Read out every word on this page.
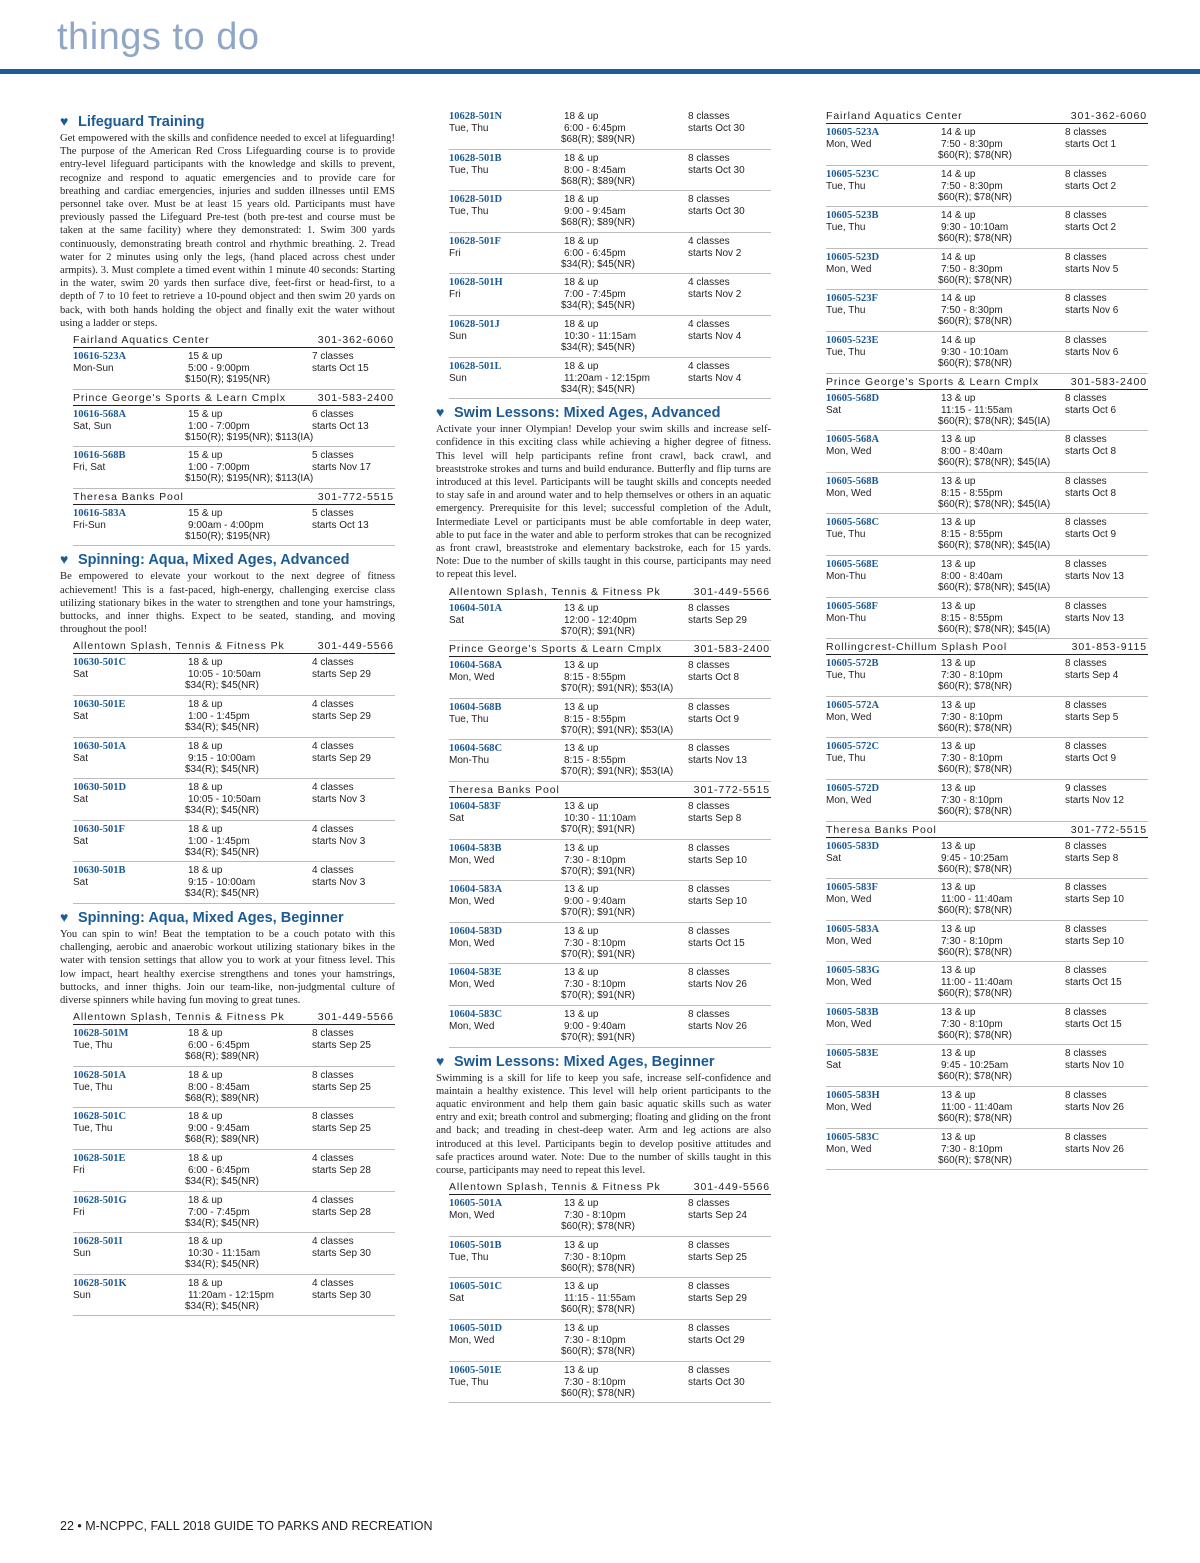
things to do
♥ Lifeguard Training
Get empowered with the skills and confidence needed to excel at lifeguarding! The purpose of the American Red Cross Lifeguarding course is to provide entry-level lifeguard participants with the knowledge and skills to prevent, recognize and respond to aquatic emergencies and to provide care for breathing and cardiac emergencies, injuries and sudden illnesses until EMS personnel take over. Must be at least 15 years old. Participants must have previously passed the Lifeguard Pre-test (both pre-test and course must be taken at the same facility) where they demonstrated: 1. Swim 300 yards continuously, demonstrating breath control and rhythmic breathing. 2. Tread water for 2 minutes using only the legs, (hand placed across chest under armpits). 3. Must complete a timed event within 1 minute 40 seconds: Starting in the water, swim 20 yards then surface dive, feet-first or head-first, to a depth of 7 to 10 feet to retrieve a 10-pound object and then swim 20 yards on back, with both hands holding the object and finally exit the water without using a ladder or steps.
Fairland Aquatics Center	301-362-6060
10616-523A
Mon-Sun
15 & up
5:00 - 9:00pm
$150(R); $195(NR)
7 classes
starts Oct 15
Prince George's Sports & Learn Cmplx	301-583-2400
10616-568A
Sat, Sun
15 & up
1:00 - 7:00pm
$150(R); $195(NR); $113(IA)
6 classes
starts Oct 13
10616-568B
Fri, Sat
15 & up
1:00 - 7:00pm
$150(R); $195(NR); $113(IA)
5 classes
starts Nov 17
Theresa Banks Pool	301-772-5515
10616-583A
Fri-Sun
15 & up
9:00am - 4:00pm
$150(R); $195(NR)
5 classes
starts Oct 13
♥ Spinning: Aqua, Mixed Ages, Advanced
Be empowered to elevate your workout to the next degree of fitness achievement! This is a fast-paced, high-energy, challenging exercise class utilizing stationary bikes in the water to strengthen and tone your hamstrings, buttocks, and inner thighs. Expect to be seated, standing, and moving throughout the pool!
Allentown Splash, Tennis & Fitness Pk	301-449-5566
10630-501C
Sat
18 & up
10:05 - 10:50am
$34(R); $45(NR)
4 classes
starts Sep 29
10630-501E
Sat
18 & up
1:00 - 1:45pm
$34(R); $45(NR)
4 classes
starts Sep 29
10630-501A
Sat
18 & up
9:15 - 10:00am
$34(R); $45(NR)
4 classes
starts Sep 29
10630-501D
Sat
18 & up
10:05 - 10:50am
$34(R); $45(NR)
4 classes
starts Nov 3
10630-501F
Sat
18 & up
1:00 - 1:45pm
$34(R); $45(NR)
4 classes
starts Nov 3
10630-501B
Sat
18 & up
9:15 - 10:00am
$34(R); $45(NR)
4 classes
starts Nov 3
♥ Spinning: Aqua, Mixed Ages, Beginner
You can spin to win! Beat the temptation to be a couch potato with this challenging, aerobic and anaerobic workout utilizing stationary bikes in the water with tension settings that allow you to work at your fitness level. This low impact, heart healthy exercise strengthens and tones your hamstrings, buttocks, and inner thighs. Join our team-like, non-judgmental culture of diverse spinners while having fun moving to great tunes.
Allentown Splash, Tennis & Fitness Pk	301-449-5566
10628-501M
Tue, Thu
18 & up
6:00 - 6:45pm
$68(R); $89(NR)
8 classes
starts Sep 25
10628-501A
Tue, Thu
18 & up
8:00 - 8:45am
$68(R); $89(NR)
8 classes
starts Sep 25
10628-501C
Tue, Thu
18 & up
9:00 - 9:45am
$68(R); $89(NR)
8 classes
starts Sep 25
10628-501E
Fri
18 & up
6:00 - 6:45pm
$34(R); $45(NR)
4 classes
starts Sep 28
10628-501G
Fri
18 & up
7:00 - 7:45pm
$34(R); $45(NR)
4 classes
starts Sep 28
10628-501I
Sun
18 & up
10:30 - 11:15am
$34(R); $45(NR)
4 classes
starts Sep 30
10628-501K
Sun
18 & up
11:20am - 12:15pm
$34(R); $45(NR)
4 classes
starts Sep 30
10628-501N
Tue, Thu
18 & up
6:00 - 6:45pm
$68(R); $89(NR)
8 classes
starts Oct 30
10628-501B
Tue, Thu
18 & up
8:00 - 8:45am
$68(R); $89(NR)
8 classes
starts Oct 30
10628-501D
Tue, Thu
18 & up
9:00 - 9:45am
$68(R); $89(NR)
8 classes
starts Oct 30
10628-501F
Fri
18 & up
6:00 - 6:45pm
$34(R); $45(NR)
4 classes
starts Nov 2
10628-501H
Fri
18 & up
7:00 - 7:45pm
$34(R); $45(NR)
4 classes
starts Nov 2
10628-501J
Sun
18 & up
10:30 - 11:15am
$34(R); $45(NR)
4 classes
starts Nov 4
10628-501L
Sun
18 & up
11:20am - 12:15pm
$34(R); $45(NR)
4 classes
starts Nov 4
♥ Swim Lessons: Mixed Ages, Advanced
Activate your inner Olympian! Develop your swim skills and increase self-confidence in this exciting class while achieving a higher degree of fitness. This level will help participants refine front crawl, back crawl, and breaststroke strokes and turns and build endurance. Butterfly and flip turns are introduced at this level. Participants will be taught skills and concepts needed to stay safe in and around water and to help themselves or others in an aquatic emergency. Prerequisite for this level; successful completion of the Adult, Intermediate Level or participants must be able comfortable in deep water, able to put face in the water and able to perform strokes that can be recognized as front crawl, breaststroke and elementary backstroke, each for 15 yards. Note: Due to the number of skills taught in this course, participants may need to repeat this level.
Allentown Splash, Tennis & Fitness Pk	301-449-5566
10604-501A
Sat
13 & up
12:00 - 12:40pm
$70(R); $91(NR)
8 classes
starts Sep 29
Prince George's Sports & Learn Cmplx	301-583-2400
10604-568A
Mon, Wed
13 & up
8:15 - 8:55pm
$70(R); $91(NR); $53(IA)
8 classes
starts Oct 8
10604-568B
Tue, Thu
13 & up
8:15 - 8:55pm
$70(R); $91(NR); $53(IA)
8 classes
starts Oct 9
10604-568C
Mon-Thu
13 & up
8:15 - 8:55pm
$70(R); $91(NR); $53(IA)
8 classes
starts Nov 13
Theresa Banks Pool	301-772-5515
10604-583F
Sat
13 & up
10:30 - 11:10am
$70(R); $91(NR)
8 classes
starts Sep 8
10604-583B
Mon, Wed
13 & up
7:30 - 8:10pm
$70(R); $91(NR)
8 classes
starts Sep 10
10604-583A
Mon, Wed
13 & up
9:00 - 9:40am
$70(R); $91(NR)
8 classes
starts Sep 10
10604-583D
Mon, Wed
13 & up
7:30 - 8:10pm
$70(R); $91(NR)
8 classes
starts Oct 15
10604-583E
Mon, Wed
13 & up
7:30 - 8:10pm
$70(R); $91(NR)
8 classes
starts Nov 26
10604-583C
Mon, Wed
13 & up
9:00 - 9:40am
$70(R); $91(NR)
8 classes
starts Nov 26
♥ Swim Lessons: Mixed Ages, Beginner
Swimming is a skill for life to keep you safe, increase self-confidence and maintain a healthy existence. This level will help orient participants to the aquatic environment and help them gain basic aquatic skills such as water entry and exit; breath control and submerging; floating and gliding on the front and back; and treading in chest-deep water. Arm and leg actions are also introduced at this level. Participants begin to develop positive attitudes and safe practices around water. Note: Due to the number of skills taught in this course, participants may need to repeat this level.
Allentown Splash, Tennis & Fitness Pk	301-449-5566
10605-501A
Mon, Wed
13 & up
7:30 - 8:10pm
$60(R); $78(NR)
8 classes
starts Sep 24
10605-501B
Tue, Thu
13 & up
7:30 - 8:10pm
$60(R); $78(NR)
8 classes
starts Sep 25
10605-501C
Sat
13 & up
11:15 - 11:55am
$60(R); $78(NR)
8 classes
starts Sep 29
10605-501D
Mon, Wed
13 & up
7:30 - 8:10pm
$60(R); $78(NR)
8 classes
starts Oct 29
10605-501E
Tue, Thu
13 & up
7:30 - 8:10pm
$60(R); $78(NR)
8 classes
starts Oct 30
Fairland Aquatics Center	301-362-6060
10605-523A
Mon, Wed
14 & up
7:50 - 8:30pm
$60(R); $78(NR)
8 classes
starts Oct 1
10605-523C
Tue, Thu
14 & up
7:50 - 8:30pm
$60(R); $78(NR)
8 classes
starts Oct 2
10605-523B
Tue, Thu
14 & up
9:30 - 10:10am
$60(R); $78(NR)
8 classes
starts Oct 2
10605-523D
Mon, Wed
14 & up
7:50 - 8:30pm
$60(R); $78(NR)
8 classes
starts Nov 5
10605-523F
Tue, Thu
14 & up
7:50 - 8:30pm
$60(R); $78(NR)
8 classes
starts Nov 6
10605-523E
Tue, Thu
14 & up
9:30 - 10:10am
$60(R); $78(NR)
8 classes
starts Nov 6
Prince George's Sports & Learn Cmplx	301-583-2400
10605-568D
Sat
13 & up
11:15 - 11:55am
$60(R); $78(NR); $45(IA)
8 classes
starts Oct 6
10605-568A
Mon, Wed
13 & up
8:00 - 8:40am
$60(R); $78(NR); $45(IA)
8 classes
starts Oct 8
10605-568B
Mon, Wed
13 & up
8:15 - 8:55pm
$60(R); $78(NR); $45(IA)
8 classes
starts Oct 8
10605-568C
Tue, Thu
13 & up
8:15 - 8:55pm
$60(R); $78(NR); $45(IA)
8 classes
starts Oct 9
10605-568E
Mon-Thu
13 & up
8:00 - 8:40am
$60(R); $78(NR); $45(IA)
8 classes
starts Nov 13
10605-568F
Mon-Thu
13 & up
8:15 - 8:55pm
$60(R); $78(NR); $45(IA)
8 classes
starts Nov 13
Rollingcrest-Chillum Splash Pool	301-853-9115
10605-572B
Tue, Thu
13 & up
7:30 - 8:10pm
$60(R); $78(NR)
8 classes
starts Sep 4
10605-572A
Mon, Wed
13 & up
7:30 - 8:10pm
$60(R); $78(NR)
8 classes
starts Sep 5
10605-572C
Tue, Thu
13 & up
7:30 - 8:10pm
$60(R); $78(NR)
8 classes
starts Oct 9
10605-572D
Mon, Wed
13 & up
7:30 - 8:10pm
$60(R); $78(NR)
9 classes
starts Nov 12
Theresa Banks Pool	301-772-5515
10605-583D
Sat
13 & up
9:45 - 10:25am
$60(R); $78(NR)
8 classes
starts Sep 8
10605-583F
Mon, Wed
13 & up
11:00 - 11:40am
$60(R); $78(NR)
8 classes
starts Sep 10
10605-583A
Mon, Wed
13 & up
7:30 - 8:10pm
$60(R); $78(NR)
8 classes
starts Sep 10
10605-583G
Mon, Wed
13 & up
11:00 - 11:40am
$60(R); $78(NR)
8 classes
starts Oct 15
10605-583B
Mon, Wed
13 & up
7:30 - 8:10pm
$60(R); $78(NR)
8 classes
starts Oct 15
10605-583E
Sat
13 & up
9:45 - 10:25am
$60(R); $78(NR)
8 classes
starts Nov 10
10605-583H
Mon, Wed
13 & up
11:00 - 11:40am
$60(R); $78(NR)
8 classes
starts Nov 26
10605-583C
Mon, Wed
13 & up
7:30 - 8:10pm
$60(R); $78(NR)
8 classes
starts Nov 26
22 • M-NCPPC, FALL 2018 GUIDE TO PARKS AND RECREATION
